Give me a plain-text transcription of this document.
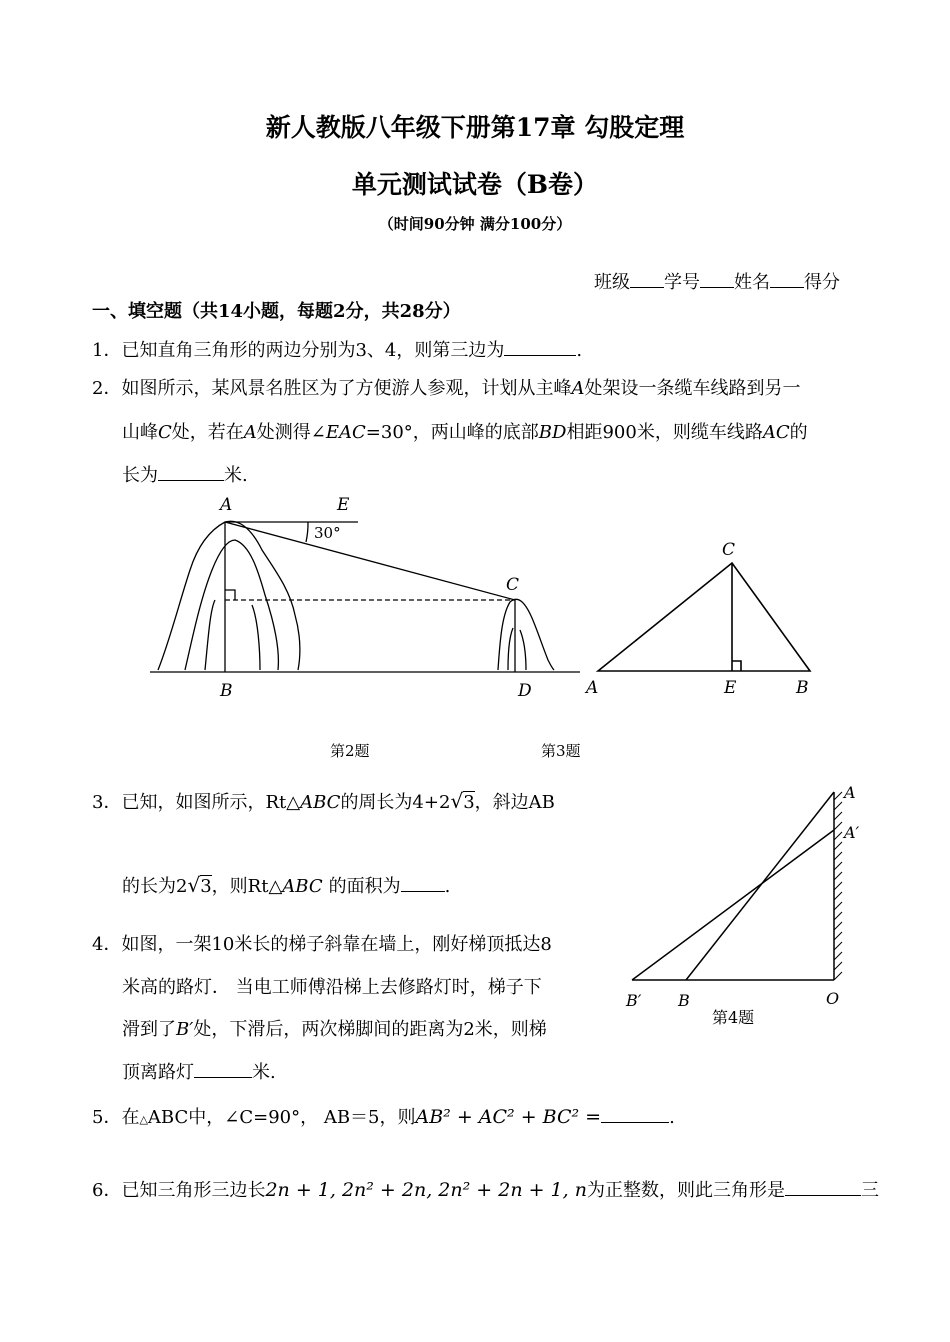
新人教版八年级下册第17章 勾股定理
单元测试试卷（B卷）
（时间90分钟 满分100分）
班级 学号 姓名 得分
一、填空题（共14小题，每题2分，共28分）
1．已知直角三角形的两边分别为3、4，则第三边为	.
2．如图所示，某风景名胜区为了方便游人参观，计划从主峰A处架设一条缆车线路到另一
山峰C处，若在A处测得∠EAC=30°，两山峰的底部BD相距900米，则缆车线路AC的
长为	米.
A	E
C
B	D
30°
C
A	E	B
第2题	第3题
3．已知，如图所示，Rt△ABC的周长为4+2√3，斜边AB
的长为2√3，则Rt△ABC 的面积为 .
A
A′
B′ B	O
第4题
4．如图，一架10米长的梯子斜靠在墙上，刚好梯顶抵达8
米高的路灯． 当电工师傅沿梯上去修路灯时，梯子下
滑到了B′处，下滑后，两次梯脚间的距离为2米，则梯
顶离路灯	米.
5．在△ABC中，∠C=90°， AB＝5，则AB² + AC² + BC² =	.
6．已知三角形三边长2n + 1, 2n² + 2n, 2n² + 2n + 1, n为正整数，则此三角形是	三
